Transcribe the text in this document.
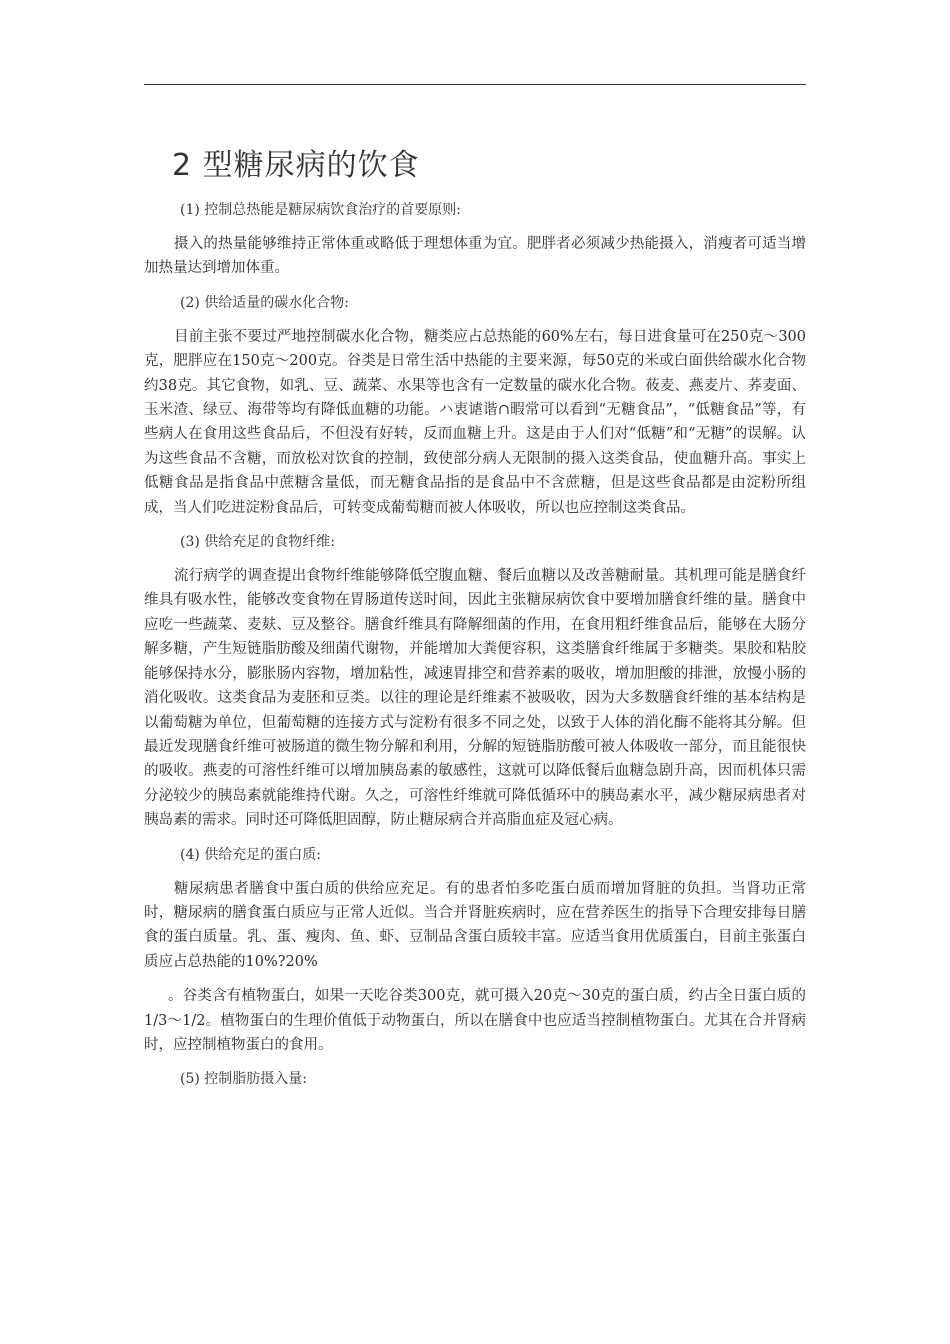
2 型糖尿病的饮食

(1) 控制总热能是糖尿病饮食治疗的首要原则:

摄入的热量能够维持正常体重或略低于理想体重为宜。肥胖者必须减少热能摄入，消瘦者可适当增加热量达到增加体重。

(2) 供给适量的碳水化合物:

目前主张不要过严地控制碳水化合物，糖类应占总热能的60%左右，每日进食量可在250克～300克，肥胖应在150克～200克。谷类是日常生活中热能的主要来源，每50克的米或白面供给碳水化合物约38克。其它食物，如乳、豆、蔬菜、水果等也含有一定数量的碳水化合物。莜麦、燕麦片、荞麦面、玉米渣、绿豆、海带等均有降低血糖的功能。ハ衷谑谐∩暇常可以看到“无糖食品”，“低糖食品”等，有些病人在食用这些食品后，不但没有好转，反而血糖上升。这是由于人们对“低糖”和“无糖”的误解。认为这些食品不含糖，而放松对饮食的控制，致使部分病人无限制的摄入这类食品，使血糖升高。事实上低糖食品是指食品中蔗糖含量低，而无糖食品指的是食品中不含蔗糖，但是这些食品都是由淀粉所组成，当人们吃进淀粉食品后，可转变成葡萄糖而被人体吸收，所以也应控制这类食品。

(3) 供给充足的食物纤维:

流行病学的调查提出食物纤维能够降低空腹血糖、餐后血糖以及改善糖耐量。其机理可能是膳食纤维具有吸水性，能够改变食物在胃肠道传送时间，因此主张糖尿病饮食中要增加膳食纤维的量。膳食中应吃一些蔬菜、麦麸、豆及整谷。膳食纤维具有降解细菌的作用，在食用粗纤维食品后，能够在大肠分解多糖，产生短链脂肪酸及细菌代谢物，并能增加大粪便容积，这类膳食纤维属于多糖类。果胶和粘胶能够保持水分，膨胀肠内容物，增加粘性，减速胃排空和营养素的吸收，增加胆酸的排泄，放慢小肠的消化吸收。这类食品为麦胚和豆类。以往的理论是纤维素不被吸收，因为大多数膳食纤维的基本结构是以葡萄糖为单位，但葡萄糖的连接方式与淀粉有很多不同之处，以致于人体的消化酶不能将其分解。但最近发现膳食纤维可被肠道的微生物分解和利用，分解的短链脂肪酸可被人体吸收一部分，而且能很快的吸收。燕麦的可溶性纤维可以增加胰岛素的敏感性，这就可以降低餐后血糖急剧升高，因而机体只需分泌较少的胰岛素就能维持代谢。久之，可溶性纤维就可降低循环中的胰岛素水平，减少糖尿病患者对胰岛素的需求。同时还可降低胆固醇，防止糖尿病合并高脂血症及冠心病。

(4) 供给充足的蛋白质:

糖尿病患者膳食中蛋白质的供给应充足。有的患者怕多吃蛋白质而增加肾脏的负担。当肾功正常时，糖尿病的膳食蛋白质应与正常人近似。当合并肾脏疾病时，应在营养医生的指导下合理安排每日膳食的蛋白质量。乳、蛋、瘦肉、鱼、虾、豆制品含蛋白质较丰富。应适当食用优质蛋白，目前主张蛋白质应占总热能的10%?20%

。谷类含有植物蛋白，如果一天吃谷类300克，就可摄入20克～30克的蛋白质，约占全日蛋白质的1/3～1/2。植物蛋白的生理价值低于动物蛋白，所以在膳食中也应适当控制植物蛋白。尤其在合并肾病时，应控制植物蛋白的食用。

(5) 控制脂肪摄入量:
